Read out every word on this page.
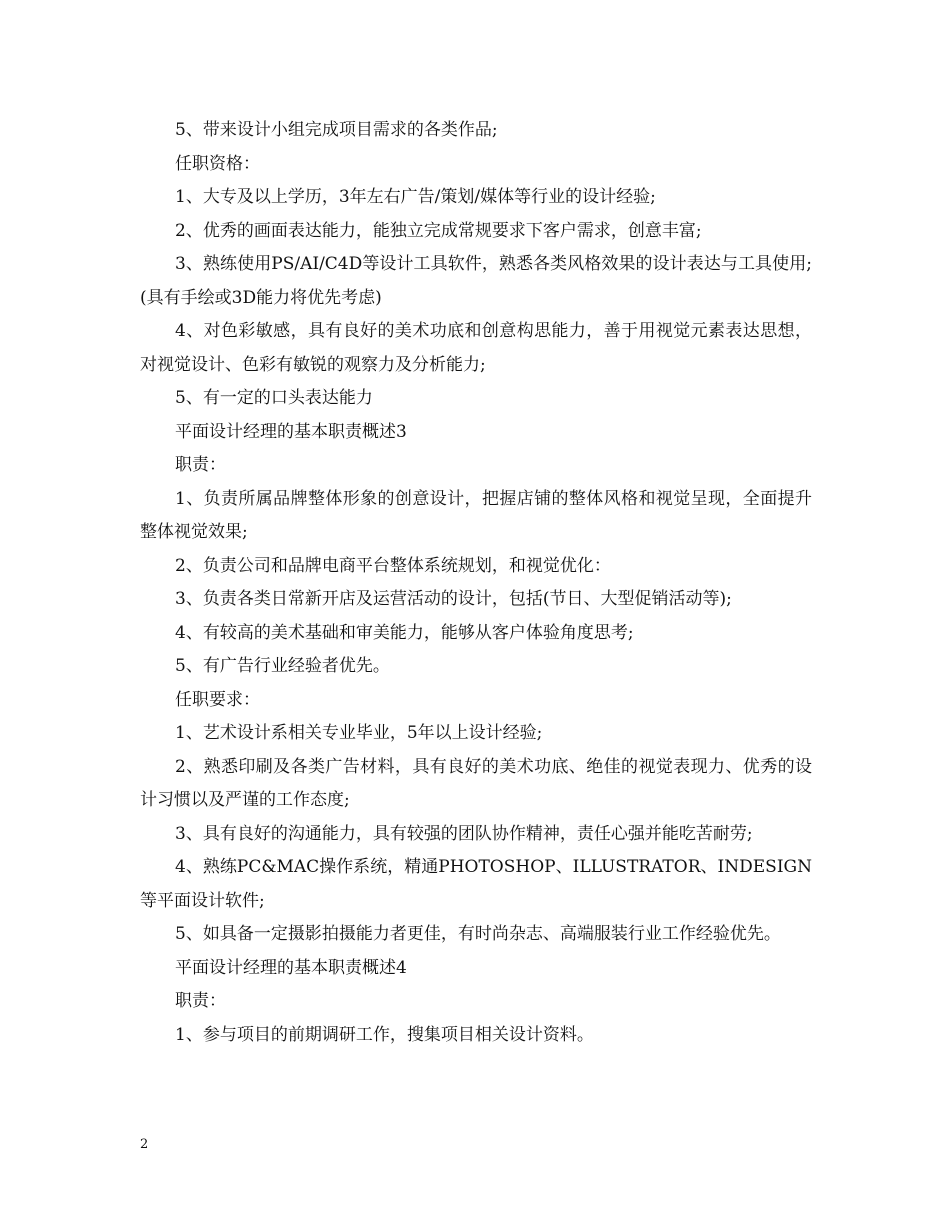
5、带来设计小组完成项目需求的各类作品;

任职资格：

1、大专及以上学历，3年左右广告/策划/媒体等行业的设计经验;

2、优秀的画面表达能力，能独立完成常规要求下客户需求，创意丰富;

3、熟练使用PS/AI/C4D等设计工具软件，熟悉各类风格效果的设计表达与工具使用;(具有手绘或3D能力将优先考虑)

4、对色彩敏感，具有良好的美术功底和创意构思能力，善于用视觉元素表达思想，对视觉设计、色彩有敏锐的观察力及分析能力;

5、有一定的口头表达能力

平面设计经理的基本职责概述3

职责：

1、负责所属品牌整体形象的创意设计，把握店铺的整体风格和视觉呈现，全面提升整体视觉效果;

2、负责公司和品牌电商平台整体系统规划，和视觉优化：

3、负责各类日常新开店及运营活动的设计，包括(节日、大型促销活动等);

4、有较高的美术基础和审美能力，能够从客户体验角度思考;

5、有广告行业经验者优先。

任职要求：

1、艺术设计系相关专业毕业，5年以上设计经验;

2、熟悉印刷及各类广告材料，具有良好的美术功底、绝佳的视觉表现力、优秀的设计习惯以及严谨的工作态度;

3、具有良好的沟通能力，具有较强的团队协作精神，责任心强并能吃苦耐劳;

4、熟练PC&MAC操作系统，精通PHOTOSHOP、ILLUSTRATOR、INDESIGN等平面设计软件;

5、如具备一定摄影拍摄能力者更佳，有时尚杂志、高端服装行业工作经验优先。

平面设计经理的基本职责概述4

职责：

1、参与项目的前期调研工作，搜集项目相关设计资料。

2
